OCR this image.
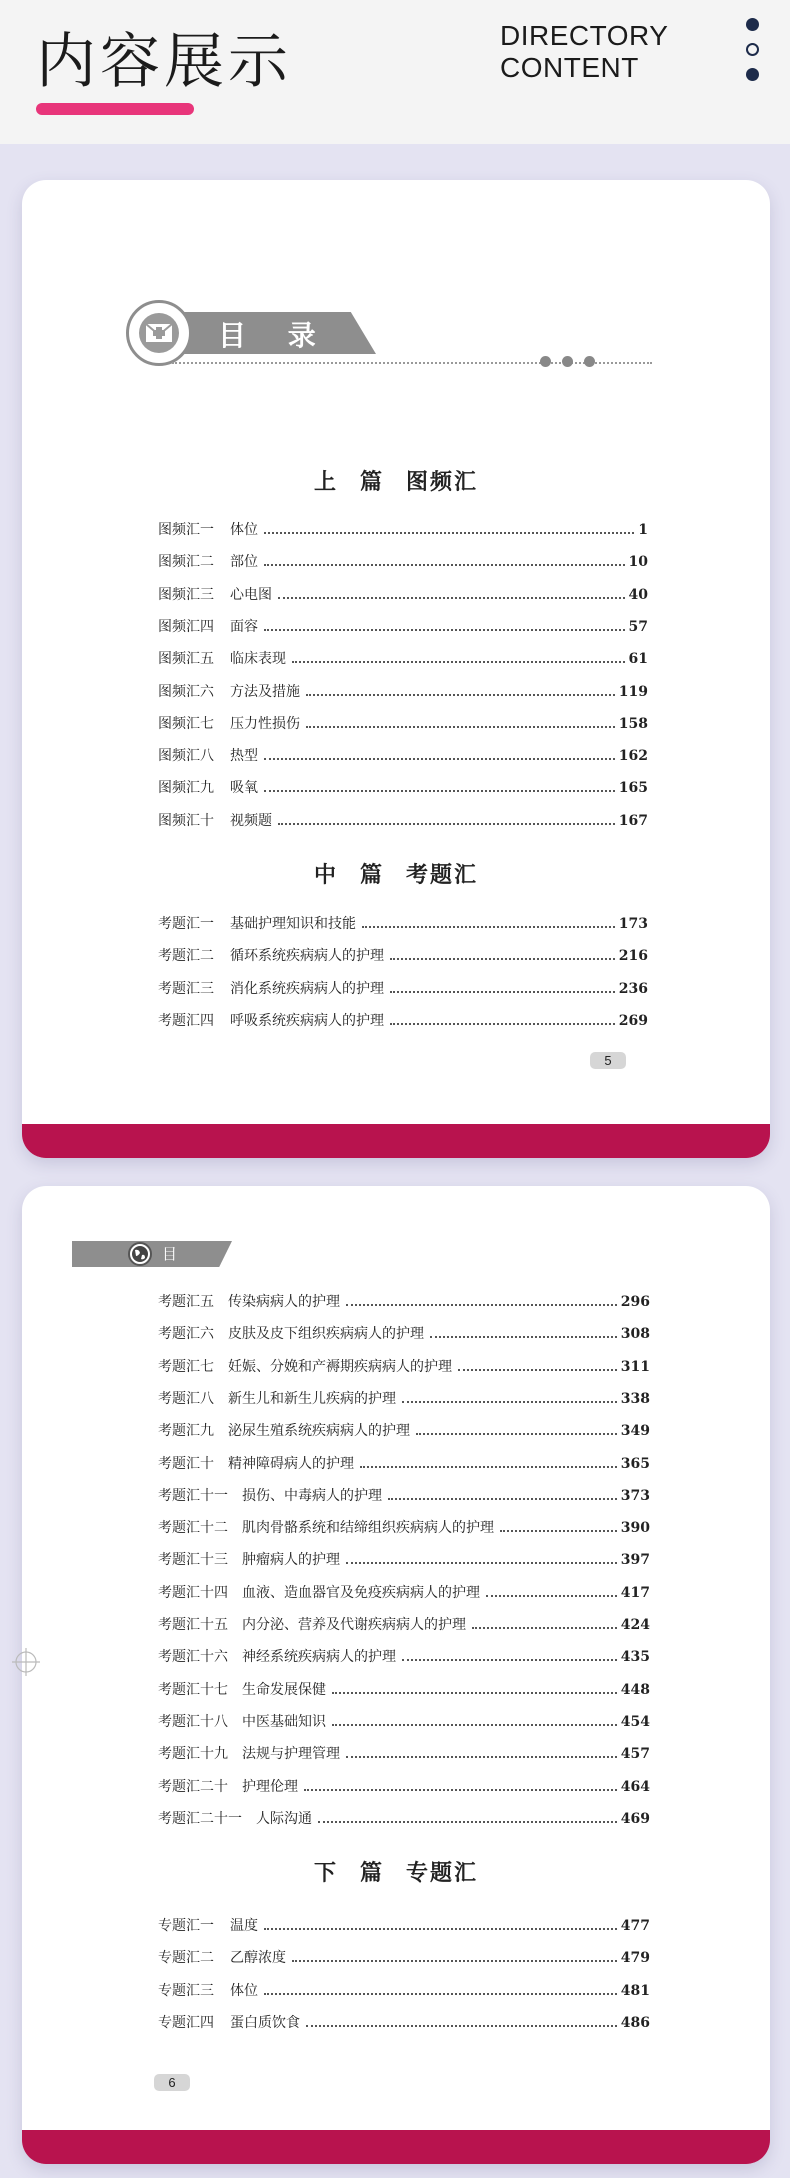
内容展示	DIRECTORY
CONTENT
目 录
上 篇 图频汇
图频汇一 体位	1
图频汇二 部位	10
图频汇三 心电图	40
图频汇四 面容	57
图频汇五 临床表现	61
图频汇六 方法及措施	119
图频汇七 压力性损伤	158
图频汇八 热型	162
图频汇九 吸氧	165
图频汇十 视频题	167
中 篇 考题汇
考题汇一 基础护理知识和技能	173
考题汇二 循环系统疾病病人的护理	216
考题汇三 消化系统疾病病人的护理	236
考题汇四 呼吸系统疾病病人的护理	269
5
目 录
考题汇五 传染病病人的护理	296
考题汇六 皮肤及皮下组织疾病病人的护理	308
考题汇七 妊娠、分娩和产褥期疾病病人的护理	311
考题汇八 新生儿和新生儿疾病的护理	338
考题汇九 泌尿生殖系统疾病病人的护理	349
考题汇十 精神障碍病人的护理	365
考题汇十一 损伤、中毒病人的护理	373
考题汇十二 肌肉骨骼系统和结缔组织疾病病人的护理	390
考题汇十三 肿瘤病人的护理	397
考题汇十四 血液、造血器官及免疫疾病病人的护理	417
考题汇十五 内分泌、营养及代谢疾病病人的护理	424
考题汇十六 神经系统疾病病人的护理	435
考题汇十七 生命发展保健	448
考题汇十八 中医基础知识	454
考题汇十九 法规与护理管理	457
考题汇二十 护理伦理	464
考题汇二十一 人际沟通	469
下 篇 专题汇
专题汇一 温度	477
专题汇二 乙醇浓度	479
专题汇三 体位	481
专题汇四 蛋白质饮食	486
6
